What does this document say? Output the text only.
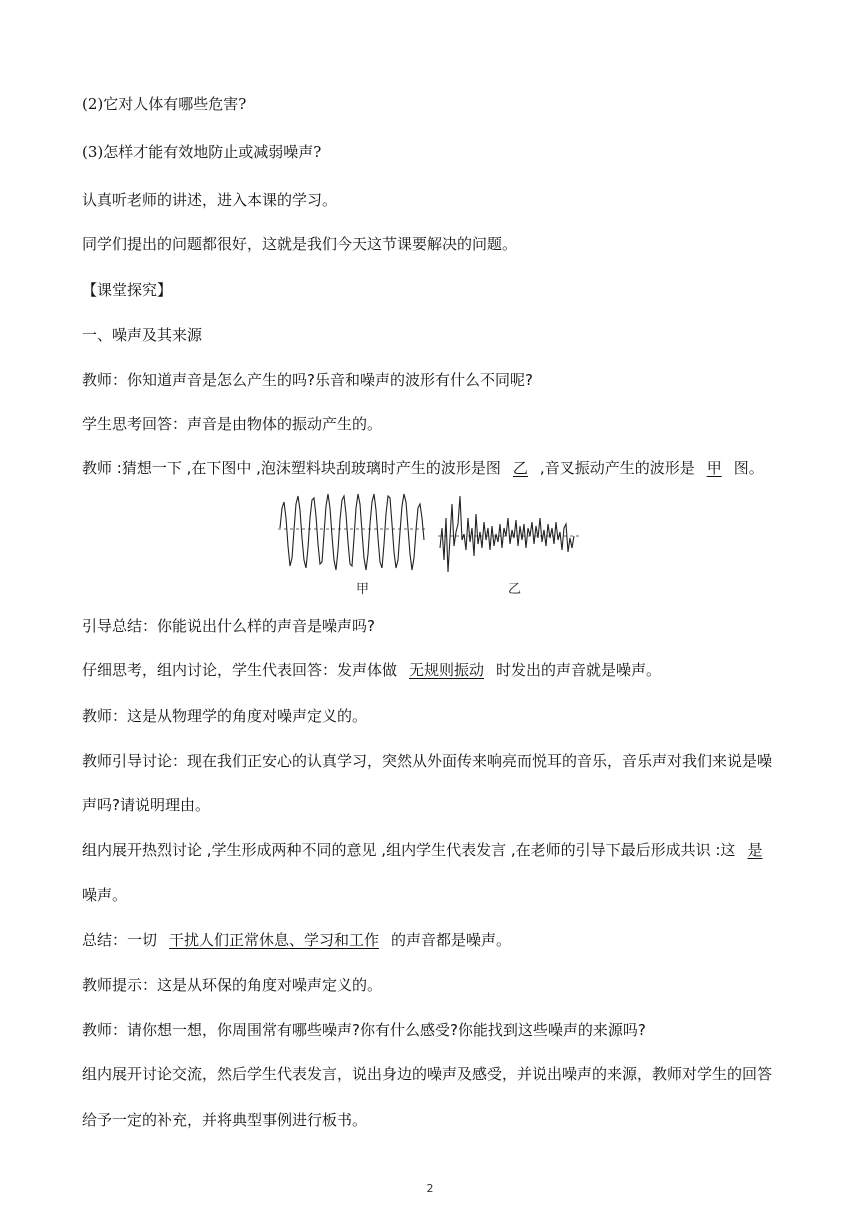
(2)它对人体有哪些危害?
(3)怎样才能有效地防止或减弱噪声?
认真听老师的讲述，进入本课的学习。
同学们提出的问题都很好，这就是我们今天这节课要解决的问题。
【课堂探究】
一、噪声及其来源
教师：你知道声音是怎么产生的吗?乐音和噪声的波形有什么不同呢?
学生思考回答：声音是由物体的振动产生的。
教师 :猜想一下 ,在下图中 ,泡沫塑料块刮玻璃时产生的波形是图 乙 ,音叉振动产生的波形是 甲 图。
甲	乙
引导总结：你能说出什么样的声音是噪声吗?
仔细思考，组内讨论，学生代表回答：发声体做 无规则振动 时发出的声音就是噪声。
教师：这是从物理学的角度对噪声定义的。
教师引导讨论：现在我们正安心的认真学习，突然从外面传来响亮而悦耳的音乐，音乐声对我们来说是噪
声吗?请说明理由。
组内展开热烈讨论 ,学生形成两种不同的意见 ,组内学生代表发言 ,在老师的引导下最后形成共识 :这 是
噪声。
总结：一切 干扰人们正常休息、学习和工作 的声音都是噪声。
教师提示：这是从环保的角度对噪声定义的。
教师：请你想一想，你周围常有哪些噪声?你有什么感受?你能找到这些噪声的来源吗?
组内展开讨论交流，然后学生代表发言，说出身边的噪声及感受，并说出噪声的来源，教师对学生的回答
给予一定的补充，并将典型事例进行板书。
2
